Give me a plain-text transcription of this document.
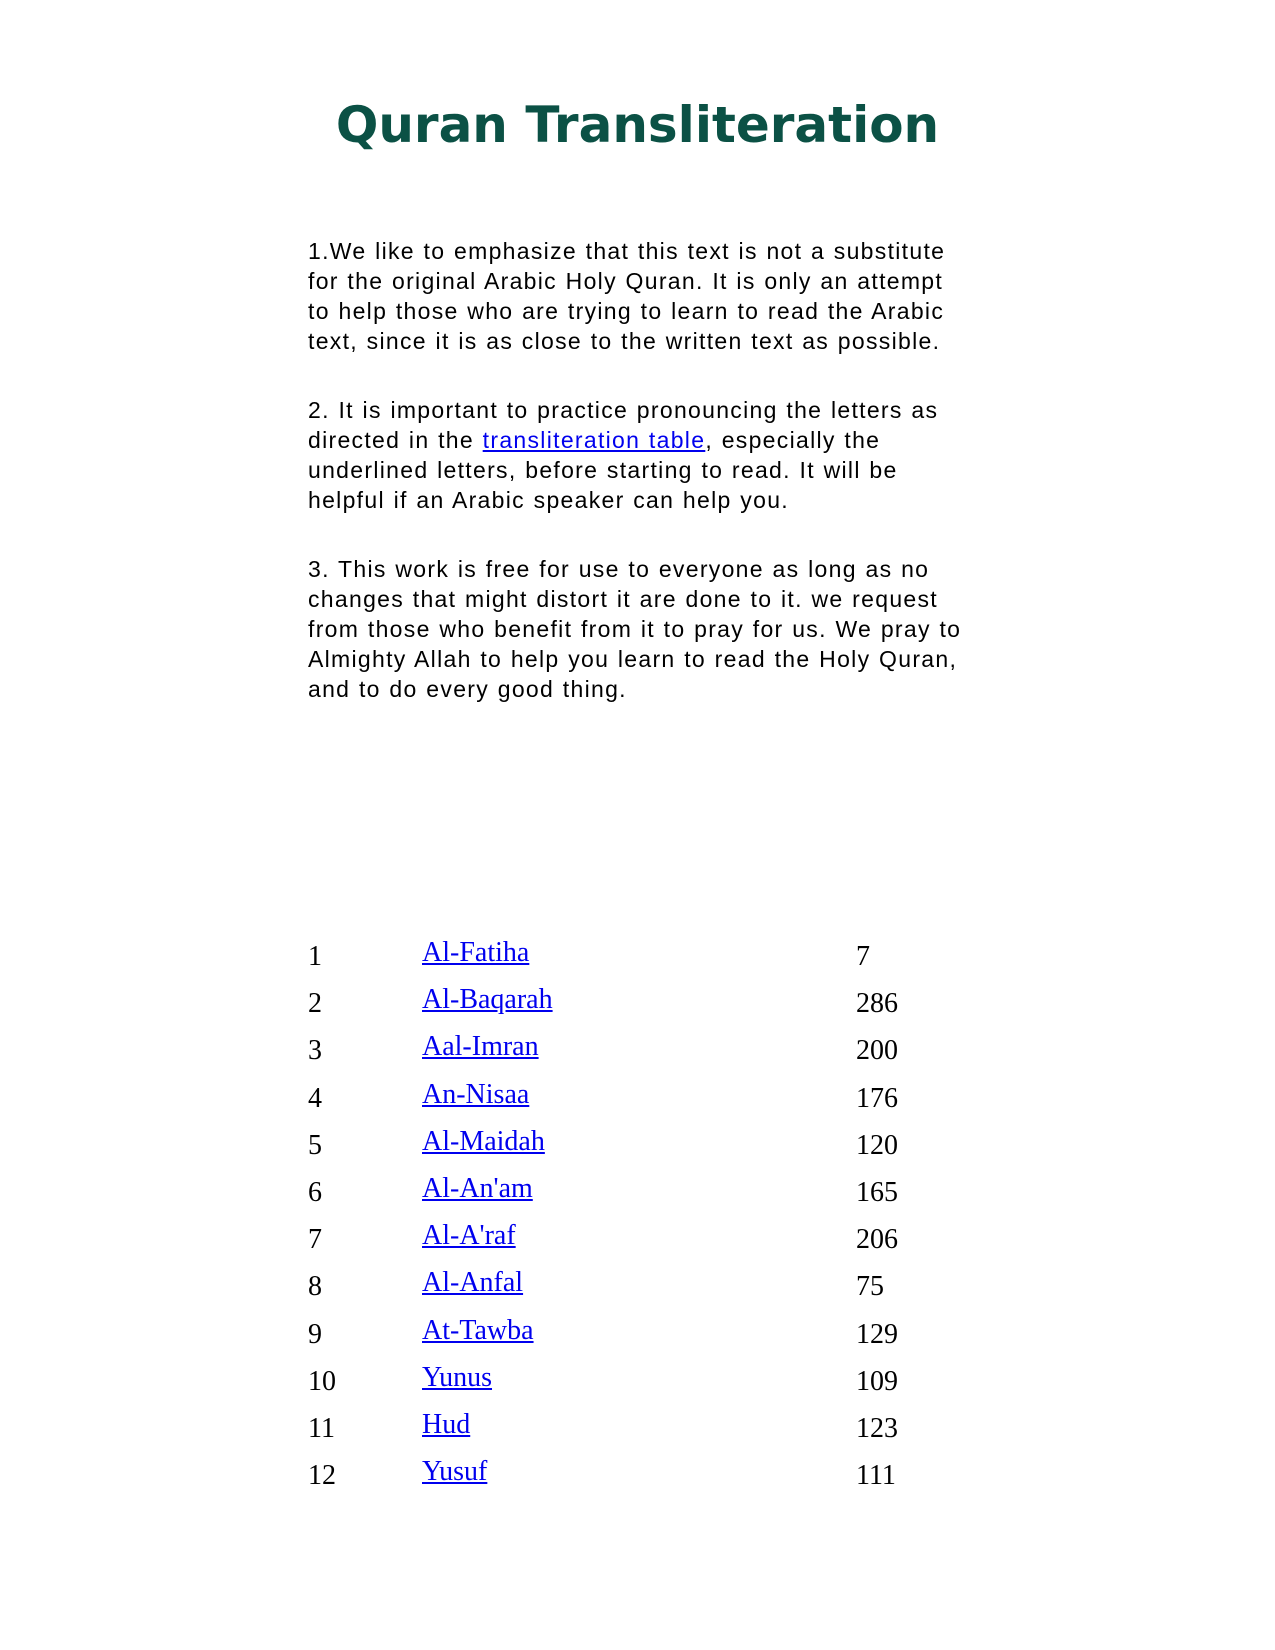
Quran Transliteration

1.We like to emphasize that this text is not a substitute for the original Arabic Holy Quran. It is only an attempt to help those who are trying to learn to read the Arabic text, since it is as close to the written text as possible.

2. It is important to practice pronouncing the letters as directed in the transliteration table, especially the underlined letters, before starting to read. It will be helpful if an Arabic speaker can help you.

3. This work is free for use to everyone as long as no changes that might distort it are done to it. we request from those who benefit from it to pray for us. We pray to Almighty Allah to help you learn to read the Holy Quran, and to do every good thing.

1	Al-Fatiha	7
2	Al-Baqarah	286
3	Aal-Imran	200
4	An-Nisaa	176
5	Al-Maidah	120
6	Al-An'am	165
7	Al-A'raf	206
8	Al-Anfal	75
9	At-Tawba	129
10	Yunus	109
11	Hud	123
12	Yusuf	111
